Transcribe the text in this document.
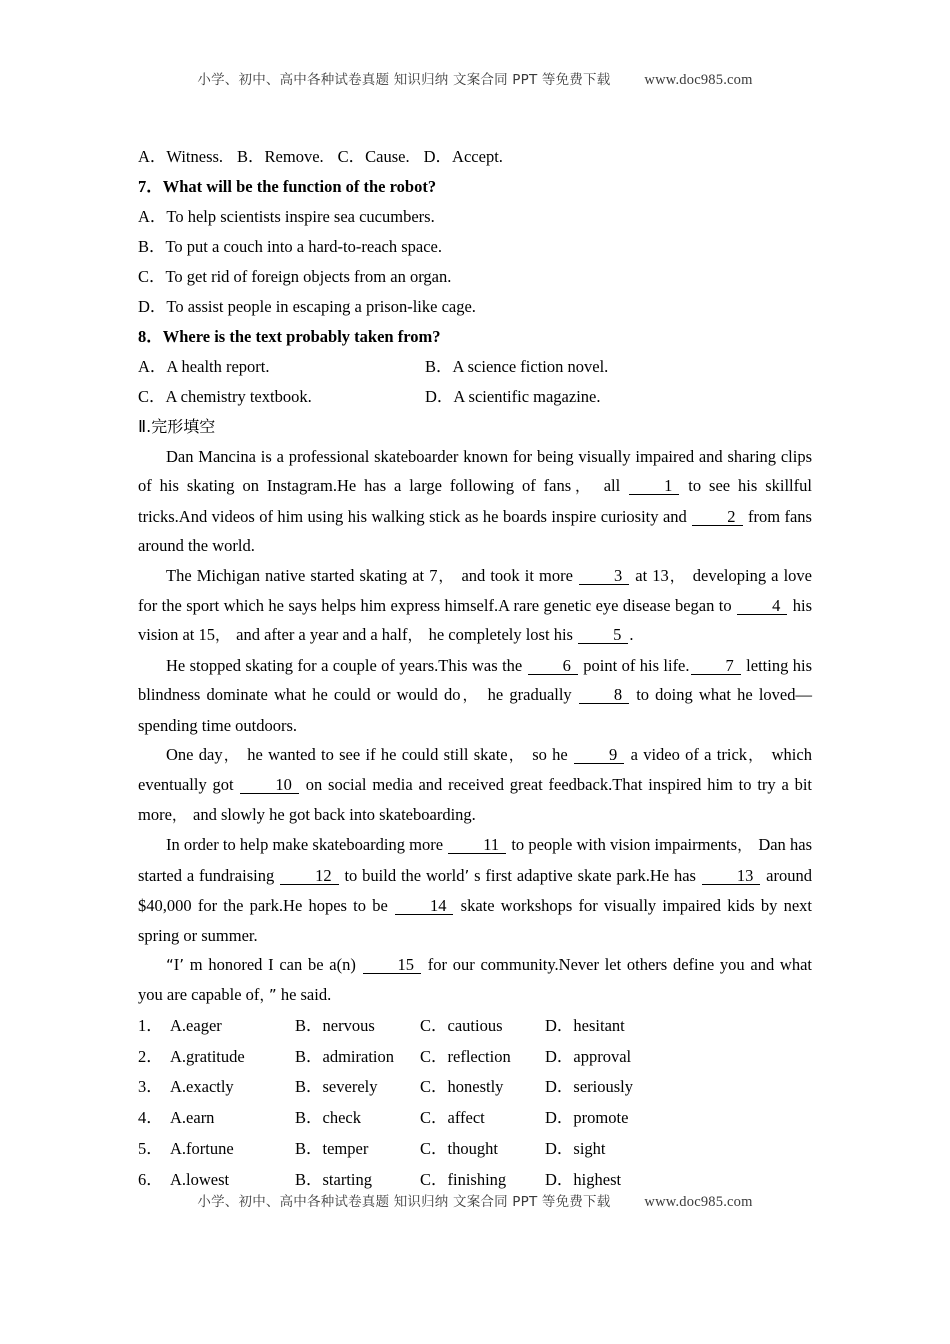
小学、初中、高中各种试卷真题 知识归纳 文案合同 PPT 等免费下载 www.doc985.com
A．Witness. B．Remove. C．Cause. D．Accept.
7．What will be the function of the robot?
A．To help scientists inspire sea cucumbers.
B．To put a couch into a hard-to-reach space.
C．To get rid of foreign objects from an organ.
D．To assist people in escaping a prison-like cage.
8．Where is the text probably taken from?
A．A health report.	B．A science fiction novel.
C．A chemistry textbook.	D．A scientific magazine.
Ⅱ.完形填空

Dan Mancina is a professional skateboarder known for being visually impaired and sharing clips of his skating on Instagram.He has a large following of fans， all 1 to see his skillful tricks.And videos of him using his walking stick as he boards inspire curiosity and 2 from fans around the world.

The Michigan native started skating at 7， and took it more 3 at 13， developing a love for the sport which he says helps him express himself.A rare genetic eye disease began to 4 his vision at 15， and after a year and a half， he completely lost his 5 .

He stopped skating for a couple of years.This was the 6 point of his life. 7 letting his blindness dominate what he could or would do， he gradually 8 to doing what he loved—spending time outdoors.

One day， he wanted to see if he could still skate， so he 9 a video of a trick， which eventually got 10 on social media and received great feedback.That inspired him to try a bit more， and slowly he got back into skateboarding.

In order to help make skateboarding more 11 to people with vision impairments， Dan has started a fundraising 12 to build the world’ s first adaptive skate park.He has 13 around $40,000 for the park.He hopes to be 14 skate workshops for visually impaired kids by next spring or summer.

“I’ m honored I can be a(n) 15 for our community.Never let others define you and what you are capable of，” he said.

1． A.eager	B．nervous	C．cautious	D．hesitant
2． A.gratitude	B．admiration C．reflection D．approval
3． A.exactly	B．severely	C．honestly	D．seriously
4． A.earn	B．check	C．affect	D．promote
5． A.fortune	B．temper	C．thought	D．sight
6． A.lowest	B．starting	C．finishing D．highest
小学、初中、高中各种试卷真题 知识归纳 文案合同 PPT 等免费下载 www.doc985.com
